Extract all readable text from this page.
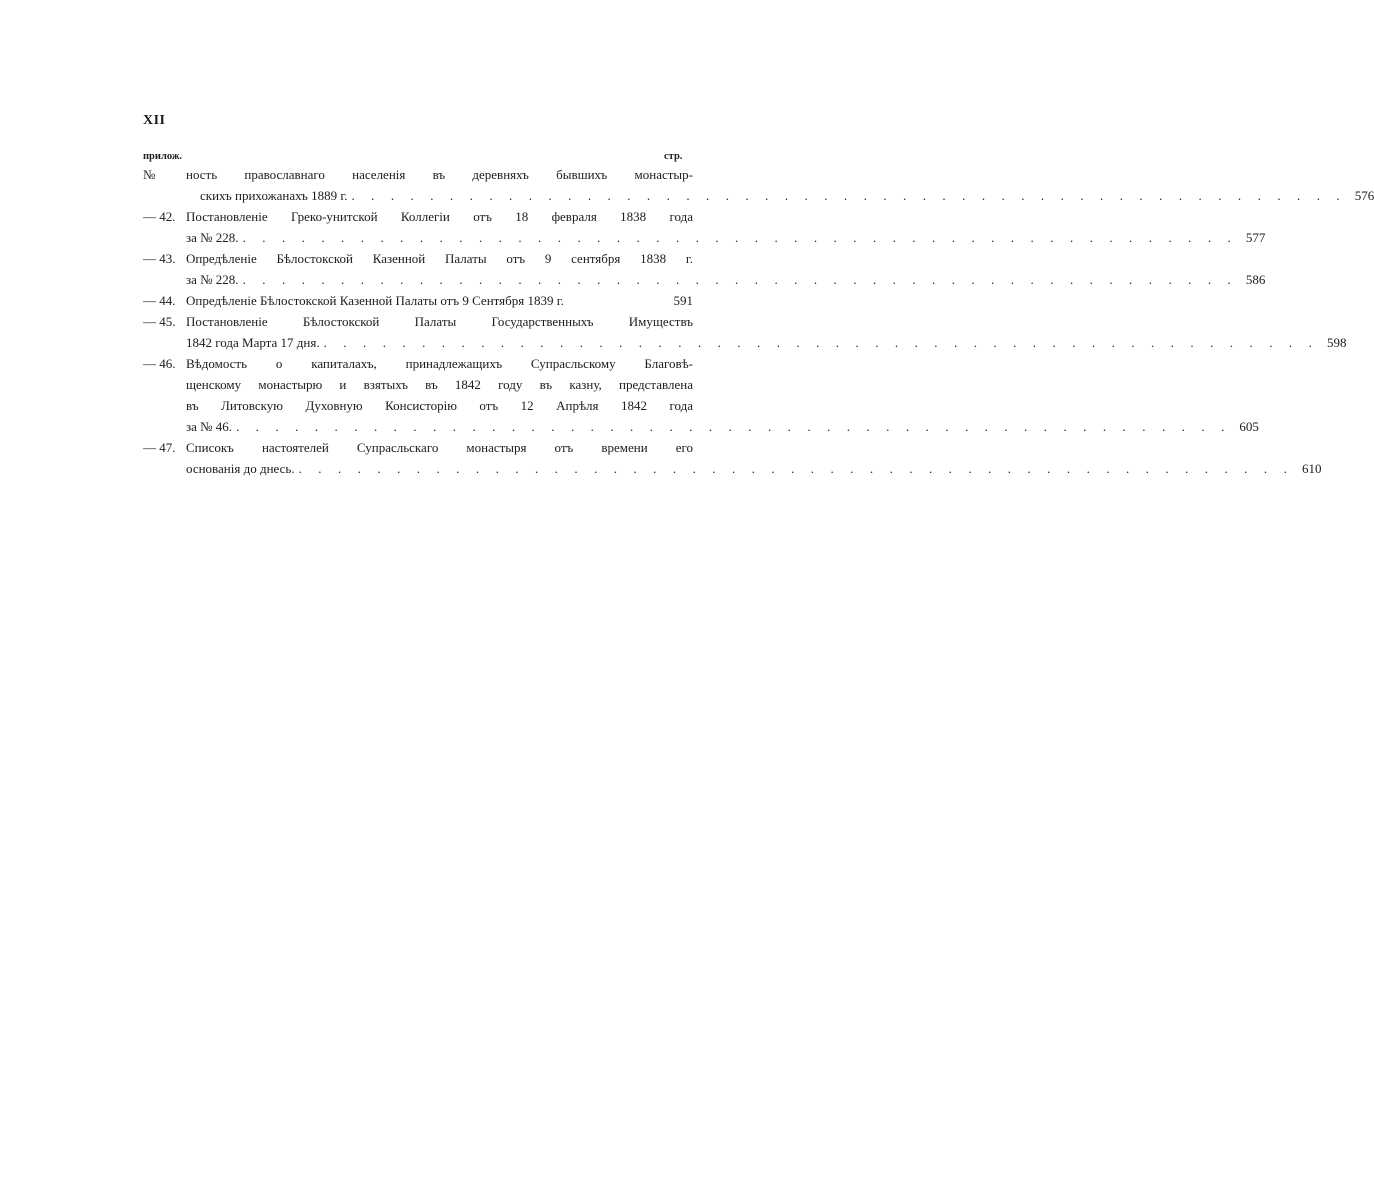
XII
прилож.	стр.
№	ность православнаго населенія въ деревняхъ бывшихъ монастыр-
скихъ прихожанахъ 1889 г. . . . . . . . . . . . . . . . . . . . . . . . . . . . . . . . . . . . . . . . . . . . . . . . . . . . 576
— 42. Постановленіе Греко-унитской Коллегіи отъ 18 февраля 1838 года
за № 228. . . . . . . . . . . . . . . . . . . . . . . . . . . . . . . . . . . . . . . . . . . . . . . . . . . . 577
— 43. Опредѣленіе Бѣлостокской Казенной Палаты отъ 9 сентября 1838 г.
за № 228. . . . . . . . . . . . . . . . . . . . . . . . . . . . . . . . . . . . . . . . . . . . . . . . . . . . 586
— 44. Опредѣленіе Бѣлостокской Казенной Палаты отъ 9 Сентября 1839 г.	591
— 45. Постановленіе Бѣлостокской Палаты Государственныхъ Имуществъ
1842 года Марта 17 дня. . . . . . . . . . . . . . . . . . . . . . . . . . . . . . . . . . . . . . . . . . . . . . . . . . . . 598
— 46. Вѣдомость о капиталахъ, принадлежащихъ Супрасльскому Благовѣ-
щенскому монастырю и взятыхъ въ 1842 году въ казну, представлена
въ Литовскую Духовную Консисторію отъ 12 Апрѣля 1842 года
за № 46. . . . . . . . . . . . . . . . . . . . . . . . . . . . . . . . . . . . . . . . . . . . . . . . . . . . 605
— 47. Списокъ настоятелей Супрасльскаго монастыря отъ времени его
основанія до днесь. . . . . . . . . . . . . . . . . . . . . . . . . . . . . . . . . . . . . . . . . . . . . . . . . . . . 610
